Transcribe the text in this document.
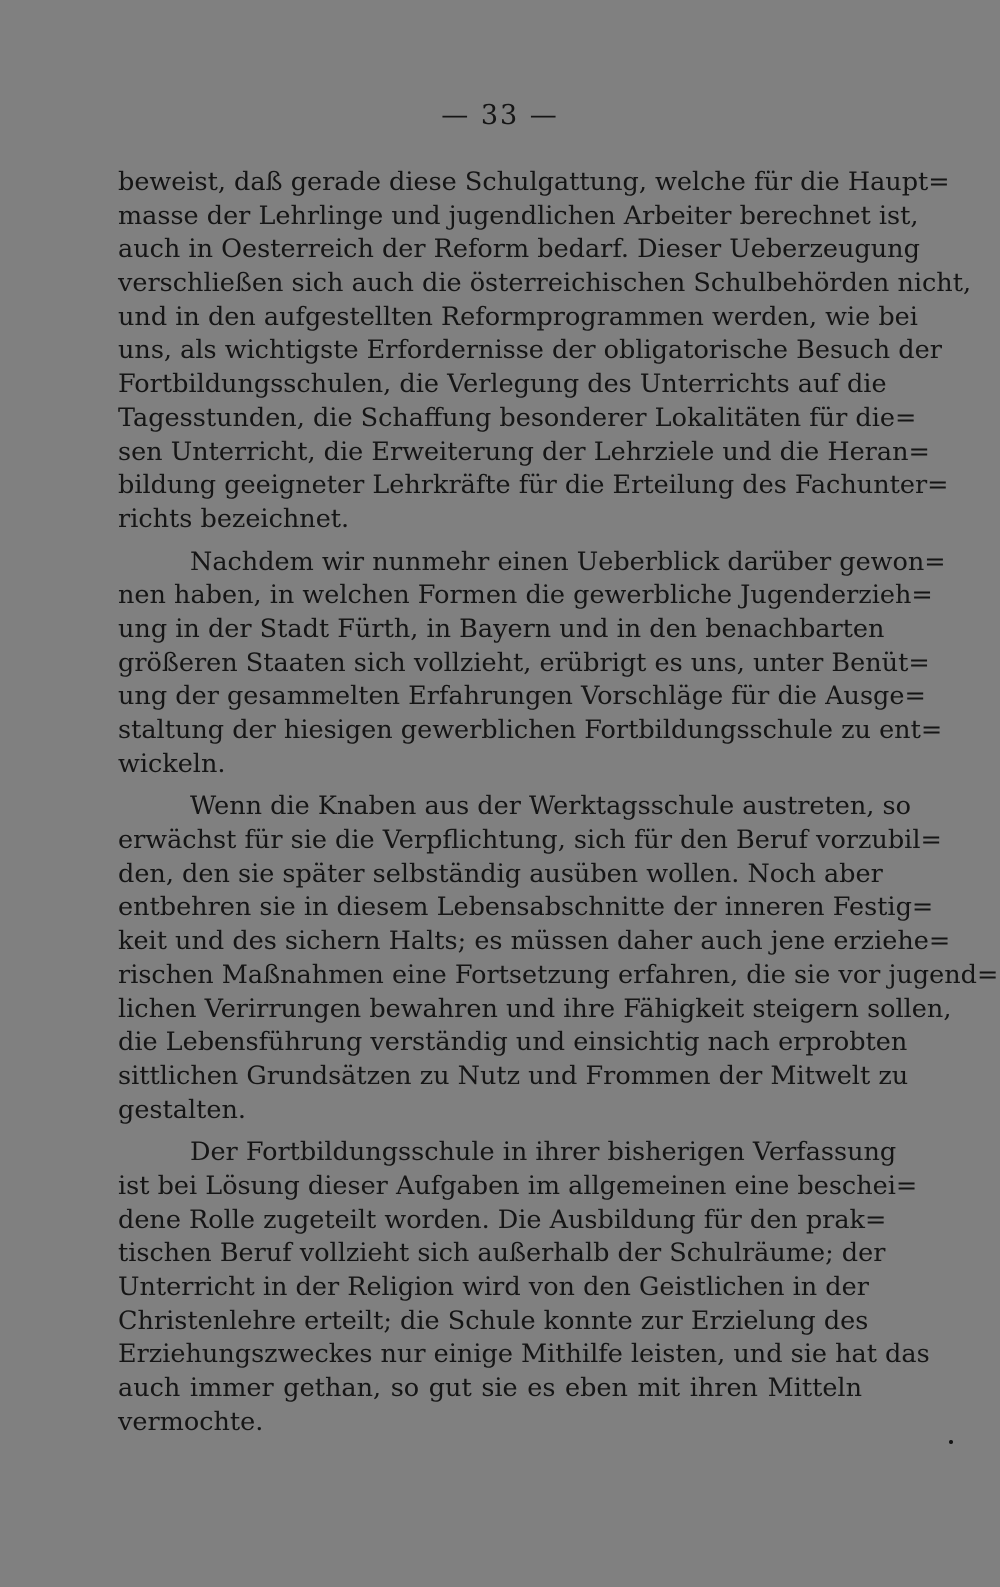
— 33 —
beweist, daß gerade diese Schulgattung, welche für die Haupt=
masse der Lehrlinge und jugendlichen Arbeiter berechnet ist,
auch in Oesterreich der Reform bedarf. Dieser Ueberzeugung
verschließen sich auch die österreichischen Schulbehörden nicht,
und in den aufgestellten Reformprogrammen werden, wie bei
uns, als wichtigste Erfordernisse der obligatorische Besuch der
Fortbildungsschulen, die Verlegung des Unterrichts auf die
Tagesstunden, die Schaffung besonderer Lokalitäten für die=
sen Unterricht, die Erweiterung der Lehrziele und die Heran=
bildung geeigneter Lehrkräfte für die Erteilung des Fachunter=
richts bezeichnet.
Nachdem wir nunmehr einen Ueberblick darüber gewon=
nen haben, in welchen Formen die gewerbliche Jugenderzieh=
ung in der Stadt Fürth, in Bayern und in den benachbarten
größeren Staaten sich vollzieht, erübrigt es uns, unter Benüt=
ung der gesammelten Erfahrungen Vorschläge für die Ausge=
staltung der hiesigen gewerblichen Fortbildungsschule zu ent=
wickeln.
Wenn die Knaben aus der Werktagsschule austreten, so
erwächst für sie die Verpflichtung, sich für den Beruf vorzubil=
den, den sie später selbständig ausüben wollen. Noch aber
entbehren sie in diesem Lebensabschnitte der inneren Festig=
keit und des sichern Halts; es müssen daher auch jene erziehe=
rischen Maßnahmen eine Fortsetzung erfahren, die sie vor jugend=
lichen Verirrungen bewahren und ihre Fähigkeit steigern sollen,
die Lebensführung verständig und einsichtig nach erprobten
sittlichen Grundsätzen zu Nutz und Frommen der Mitwelt zu
gestalten.
Der Fortbildungsschule in ihrer bisherigen Verfassung
ist bei Lösung dieser Aufgaben im allgemeinen eine beschei=
dene Rolle zugeteilt worden. Die Ausbildung für den prak=
tischen Beruf vollzieht sich außerhalb der Schulräume; der
Unterricht in der Religion wird von den Geistlichen in der
Christenlehre erteilt; die Schule konnte zur Erzielung des
Erziehungszweckes nur einige Mithilfe leisten, und sie hat das
auch immer gethan, so gut sie es eben mit ihren Mitteln
vermochte.
